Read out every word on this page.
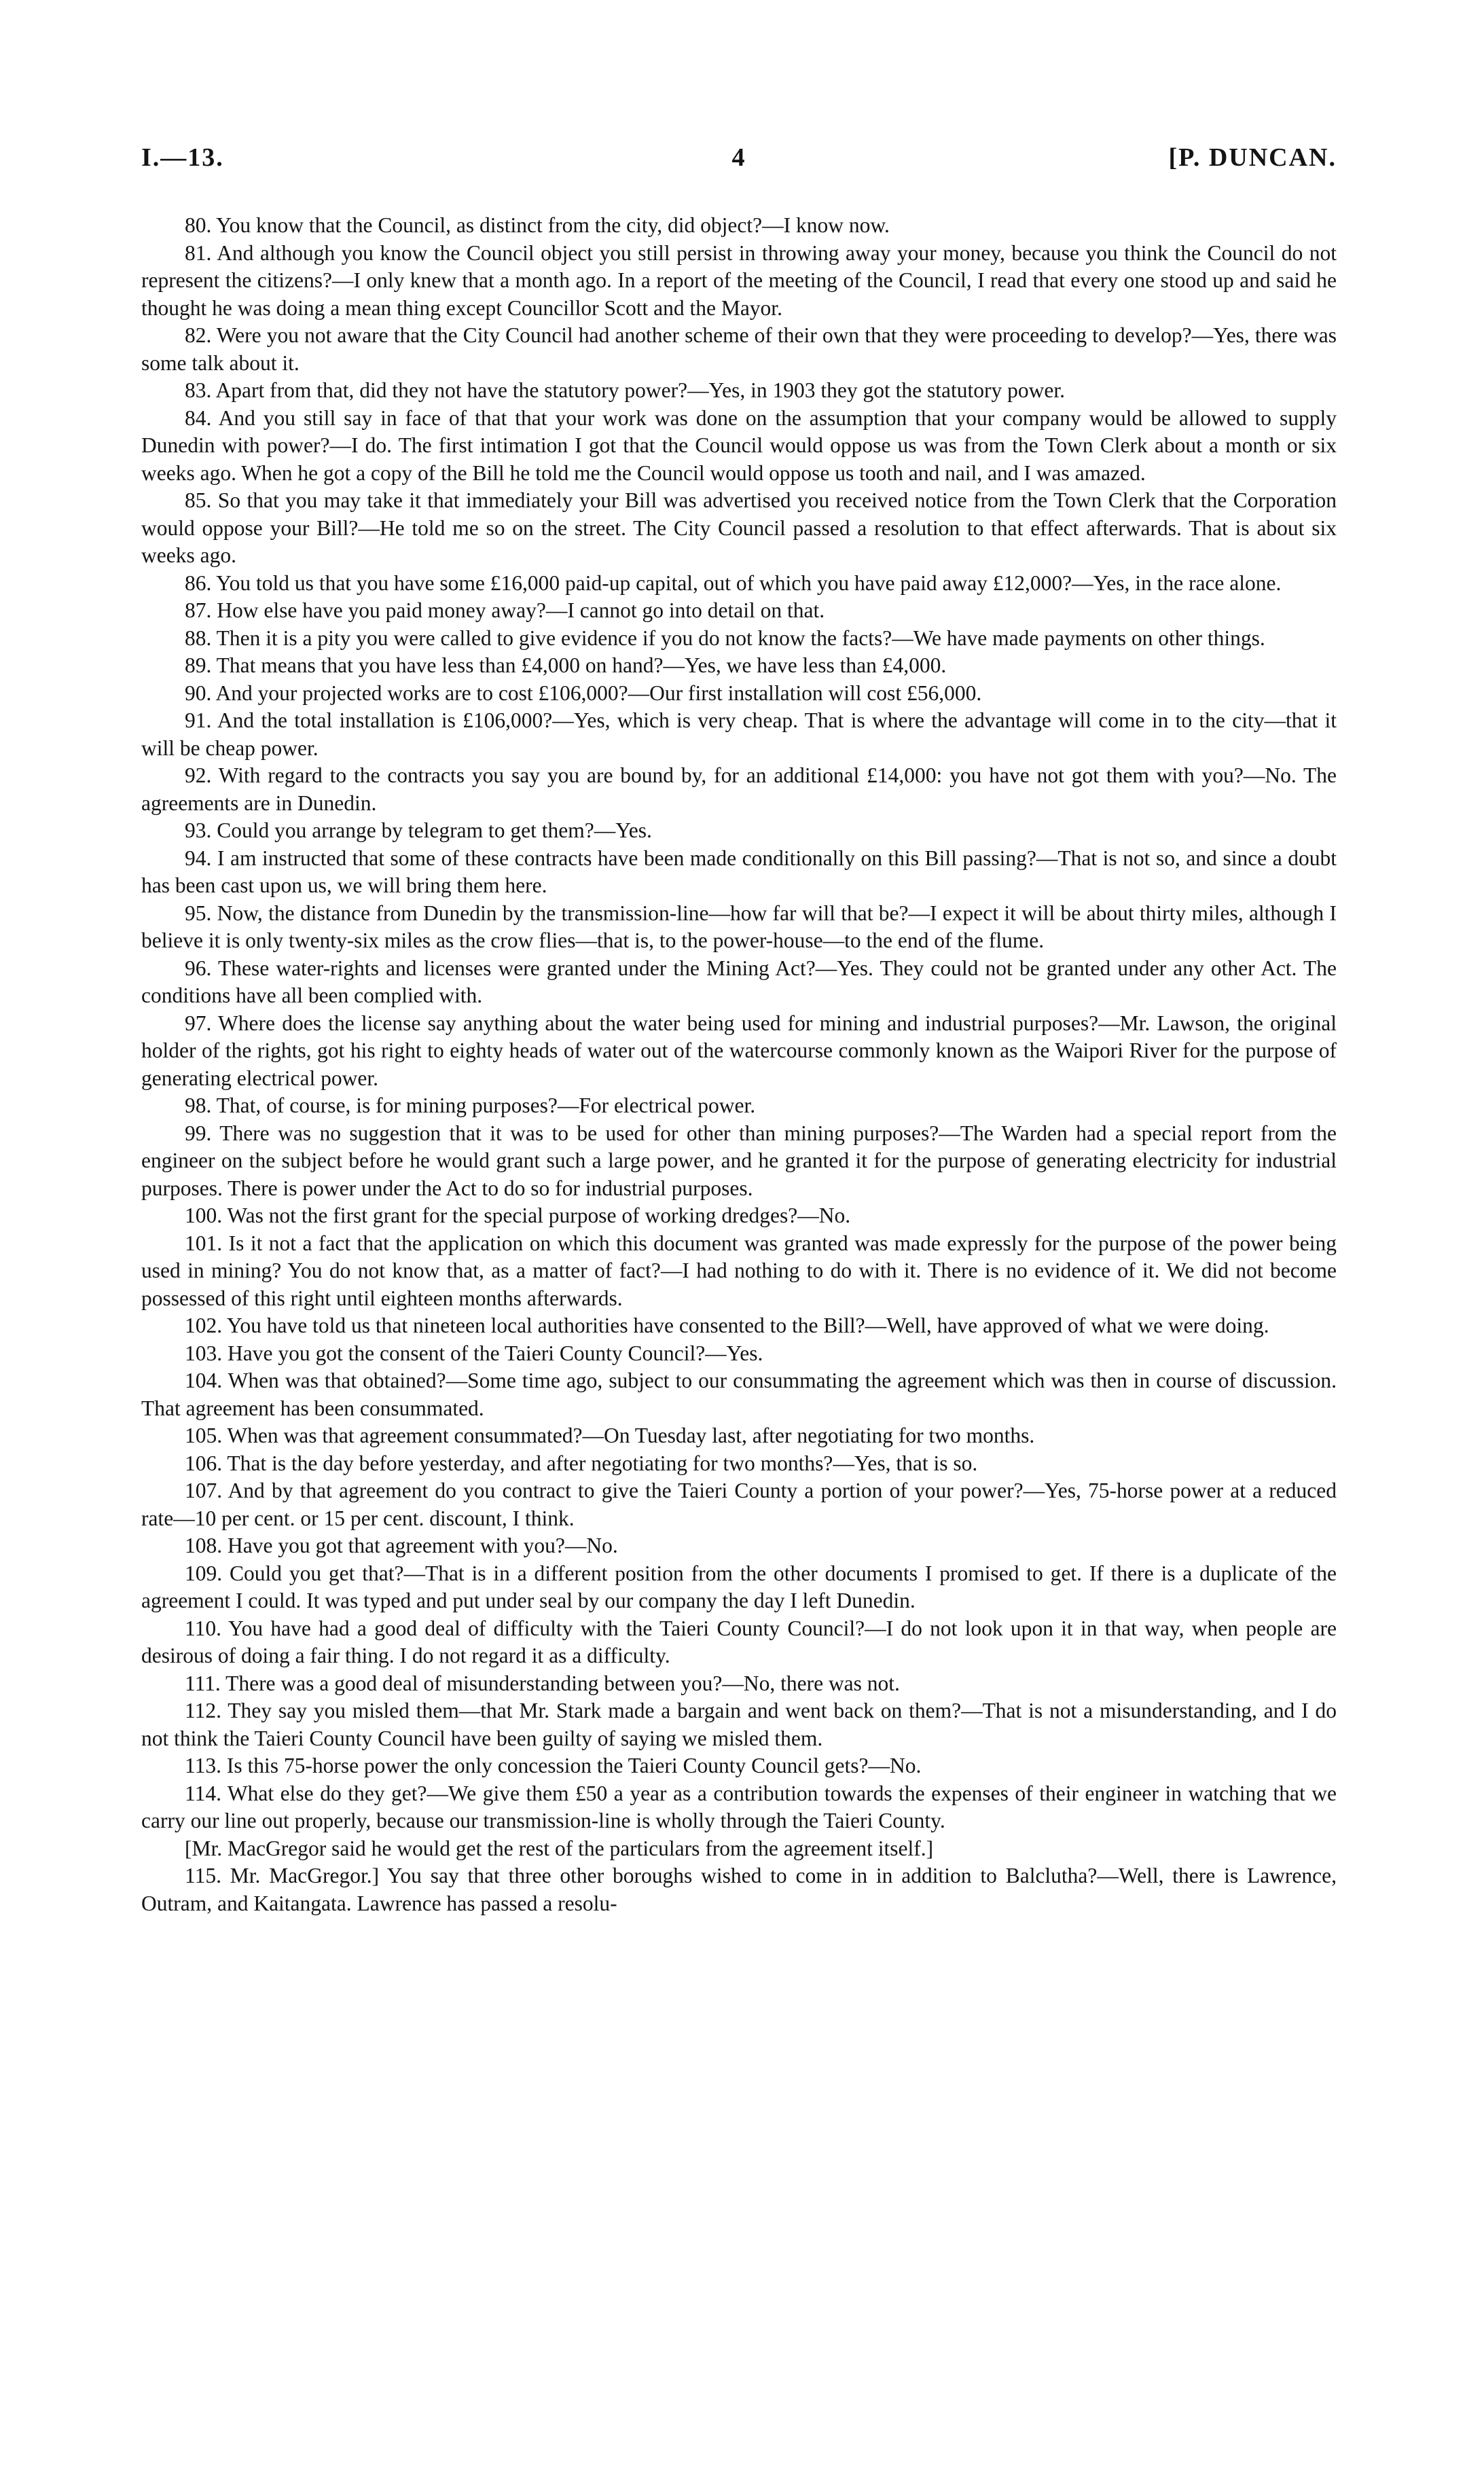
I.—13.	4	[P. DUNCAN.

80. You know that the Council, as distinct from the city, did object?—I know now.

81. And although you know the Council object you still persist in throwing away your money, because you think the Council do not represent the citizens?—I only knew that a month ago. In a report of the meeting of the Council, I read that every one stood up and said he thought he was doing a mean thing except Councillor Scott and the Mayor.

82. Were you not aware that the City Council had another scheme of their own that they were proceeding to develop?—Yes, there was some talk about it.

83. Apart from that, did they not have the statutory power?—Yes, in 1903 they got the statutory power.

84. And you still say in face of that that your work was done on the assumption that your company would be allowed to supply Dunedin with power?—I do. The first intimation I got that the Council would oppose us was from the Town Clerk about a month or six weeks ago. When he got a copy of the Bill he told me the Council would oppose us tooth and nail, and I was amazed.

85. So that you may take it that immediately your Bill was advertised you received notice from the Town Clerk that the Corporation would oppose your Bill?—He told me so on the street. The City Council passed a resolution to that effect afterwards. That is about six weeks ago.

86. You told us that you have some £16,000 paid-up capital, out of which you have paid away £12,000?—Yes, in the race alone.

87. How else have you paid money away?—I cannot go into detail on that.

88. Then it is a pity you were called to give evidence if you do not know the facts?—We have made payments on other things.

89. That means that you have less than £4,000 on hand?—Yes, we have less than £4,000.

90. And your projected works are to cost £106,000?—Our first installation will cost £56,000.

91. And the total installation is £106,000?—Yes, which is very cheap. That is where the advantage will come in to the city—that it will be cheap power.

92. With regard to the contracts you say you are bound by, for an additional £14,000: you have not got them with you?—No. The agreements are in Dunedin.

93. Could you arrange by telegram to get them?—Yes.

94. I am instructed that some of these contracts have been made conditionally on this Bill passing?—That is not so, and since a doubt has been cast upon us, we will bring them here.

95. Now, the distance from Dunedin by the transmission-line—how far will that be?—I expect it will be about thirty miles, although I believe it is only twenty-six miles as the crow flies—that is, to the power-house—to the end of the flume.

96. These water-rights and licenses were granted under the Mining Act?—Yes. They could not be granted under any other Act. The conditions have all been complied with.

97. Where does the license say anything about the water being used for mining and industrial purposes?—Mr. Lawson, the original holder of the rights, got his right to eighty heads of water out of the watercourse commonly known as the Waipori River for the purpose of generating electrical power.

98. That, of course, is for mining purposes?—For electrical power.

99. There was no suggestion that it was to be used for other than mining purposes?—The Warden had a special report from the engineer on the subject before he would grant such a large power, and he granted it for the purpose of generating electricity for industrial purposes. There is power under the Act to do so for industrial purposes.

100. Was not the first grant for the special purpose of working dredges?—No.

101. Is it not a fact that the application on which this document was granted was made expressly for the purpose of the power being used in mining? You do not know that, as a matter of fact?—I had nothing to do with it. There is no evidence of it. We did not become possessed of this right until eighteen months afterwards.

102. You have told us that nineteen local authorities have consented to the Bill?—Well, have approved of what we were doing.

103. Have you got the consent of the Taieri County Council?—Yes.

104. When was that obtained?—Some time ago, subject to our consummating the agreement which was then in course of discussion. That agreement has been consummated.

105. When was that agreement consummated?—On Tuesday last, after negotiating for two months.

106. That is the day before yesterday, and after negotiating for two months?—Yes, that is so.

107. And by that agreement do you contract to give the Taieri County a portion of your power?—Yes, 75-horse power at a reduced rate—10 per cent. or 15 per cent. discount, I think.

108. Have you got that agreement with you?—No.

109. Could you get that?—That is in a different position from the other documents I promised to get. If there is a duplicate of the agreement I could. It was typed and put under seal by our company the day I left Dunedin.

110. You have had a good deal of difficulty with the Taieri County Council?—I do not look upon it in that way, when people are desirous of doing a fair thing. I do not regard it as a difficulty.

111. There was a good deal of misunderstanding between you?—No, there was not.

112. They say you misled them—that Mr. Stark made a bargain and went back on them?—That is not a misunderstanding, and I do not think the Taieri County Council have been guilty of saying we misled them.

113. Is this 75-horse power the only concession the Taieri County Council gets?—No.

114. What else do they get?—We give them £50 a year as a contribution towards the expenses of their engineer in watching that we carry our line out properly, because our transmission-line is wholly through the Taieri County.

[Mr. MacGregor said he would get the rest of the particulars from the agreement itself.]

115. Mr. MacGregor.] You say that three other boroughs wished to come in in addition to Balclutha?—Well, there is Lawrence, Outram, and Kaitangata. Lawrence has passed a resolu-
